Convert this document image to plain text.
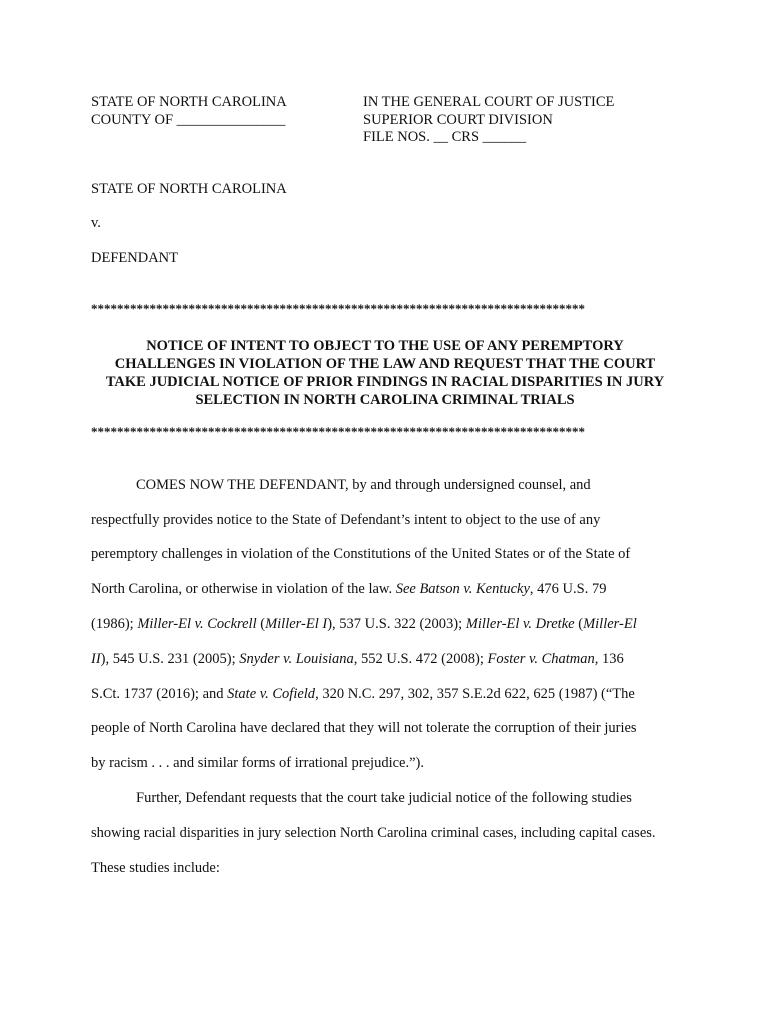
STATE OF NORTH CAROLINA
COUNTY OF _______________
IN THE GENERAL COURT OF JUSTICE
SUPERIOR COURT DIVISION
FILE NOS. __ CRS ______
STATE OF NORTH CAROLINA
v.
DEFENDANT
****************************************************************************
NOTICE OF INTENT TO OBJECT TO THE USE OF ANY PEREMPTORY
CHALLENGES IN VIOLATION OF THE LAW AND REQUEST THAT THE COURT
TAKE JUDICIAL NOTICE OF PRIOR FINDINGS IN RACIAL DISPARITIES IN JURY
SELECTION IN NORTH CAROLINA CRIMINAL TRIALS
****************************************************************************
COMES NOW THE DEFENDANT, by and through undersigned counsel, and
respectfully provides notice to the State of Defendant’s intent to object to the use of any
peremptory challenges in violation of the Constitutions of the United States or of the State of
North Carolina, or otherwise in violation of the law. See Batson v. Kentucky, 476 U.S. 79
(1986); Miller-El v. Cockrell (Miller-El I), 537 U.S. 322 (2003); Miller-El v. Dretke (Miller-El
II), 545 U.S. 231 (2005); Snyder v. Louisiana, 552 U.S. 472 (2008); Foster v. Chatman, 136
S.Ct. 1737 (2016); and State v. Cofield, 320 N.C. 297, 302, 357 S.E.2d 622, 625 (1987) (“The
people of North Carolina have declared that they will not tolerate the corruption of their juries
by racism . . . and similar forms of irrational prejudice.”).
Further, Defendant requests that the court take judicial notice of the following studies
showing racial disparities in jury selection North Carolina criminal cases, including capital cases.
These studies include:
